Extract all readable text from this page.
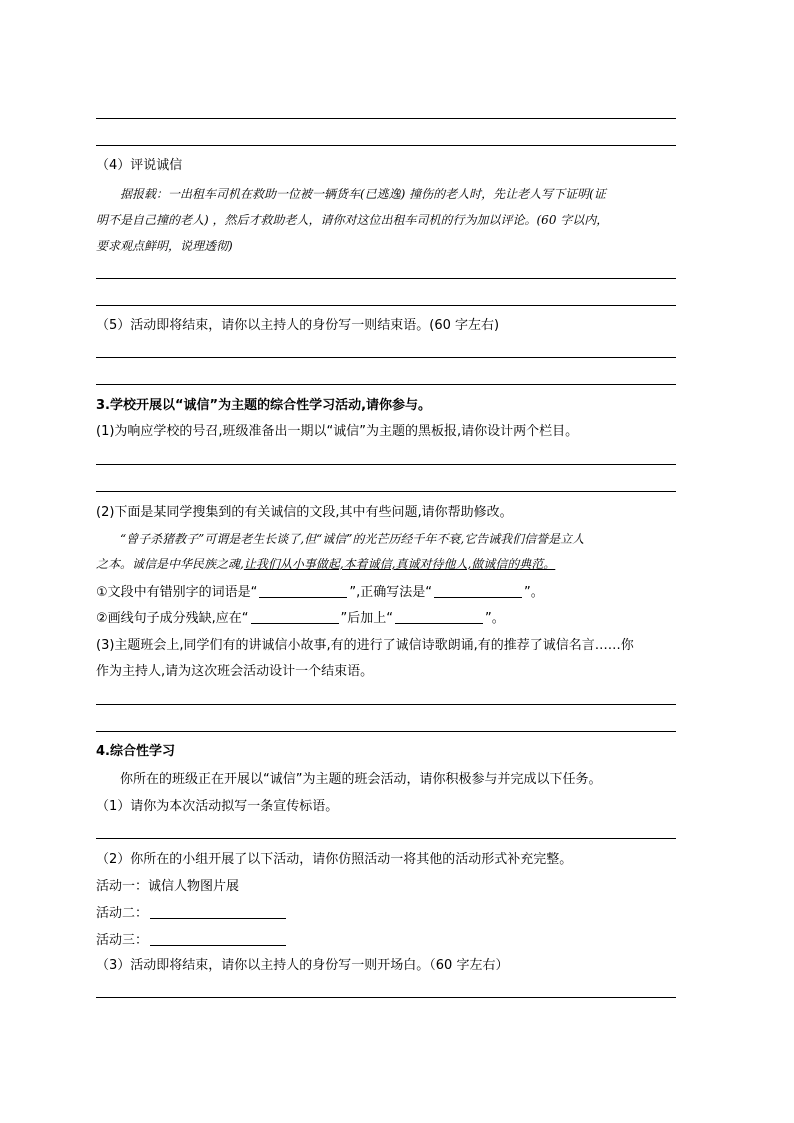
（4）评说诚信
据报载：一出租车司机在救助一位被一辆货车(已逃逸) 撞伤的老人时，先让老人写下证明(证
明不是自己撞的老人) ，然后才救助老人，请你对这位出租车司机的行为加以评论。(60 字以内，
要求观点鲜明，说理透彻)
（5）活动即将结束，请你以主持人的身份写一则结束语。(60 字左右)
3.学校开展以“诚信”为主题的综合性学习活动,请你参与。
(1)为响应学校的号召,班级准备出一期以“诚信”为主题的黑板报,请你设计两个栏目。
(2)下面是某同学搜集到的有关诚信的文段,其中有些问题,请你帮助修改。
“曾子杀猪教子”可谓是老生长谈了,但“诚信”的光芒历经千年不衰,它告诫我们信誉是立人
之本。诚信是中华民族之魂,让我们从小事做起,本着诚信,真诚对待他人,做诚信的典范。
①文段中有错别字的词语是“	”,正确写法是“	”。
②画线句子成分残缺,应在“	”后加上“	”。
(3)主题班会上,同学们有的讲诚信小故事,有的进行了诚信诗歌朗诵,有的推荐了诚信名言……你
作为主持人,请为这次班会活动设计一个结束语。
4.综合性学习
你所在的班级正在开展以“诚信”为主题的班会活动，请你积极参与并完成以下任务。
（1）请你为本次活动拟写一条宣传标语。
（2）你所在的小组开展了以下活动，请你仿照活动一将其他的活动形式补充完整。
活动一：诚信人物图片展
活动二：
活动三：
（3）活动即将结束，请你以主持人的身份写一则开场白。（60 字左右）
